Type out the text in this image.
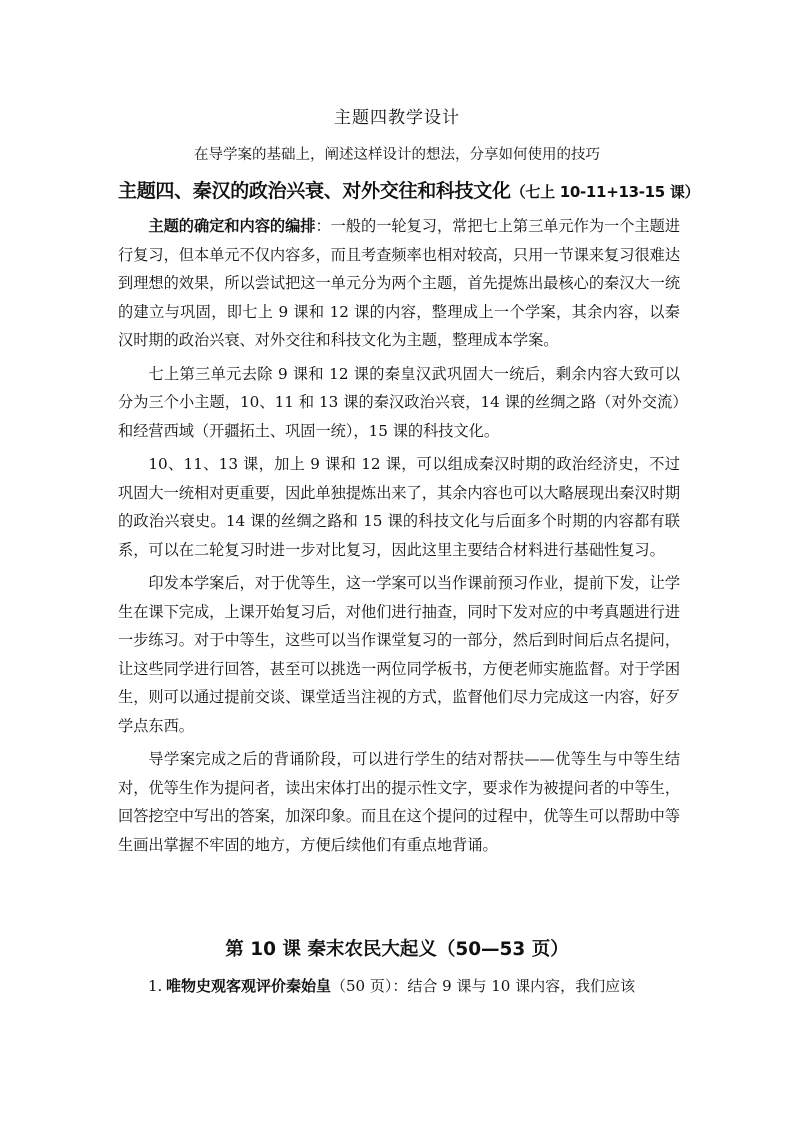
主题四教学设计
在导学案的基础上，阐述这样设计的想法，分享如何使用的技巧
主题四、秦汉的政治兴衰、对外交往和科技文化（七上 10-11+13-15 课）

主题的确定和内容的编排：一般的一轮复习，常把七上第三单元作为一个主题进行复习，但本单元不仅内容多，而且考查频率也相对较高，只用一节课来复习很难达到理想的效果，所以尝试把这一单元分为两个主题，首先提炼出最核心的秦汉大一统的建立与巩固，即七上 9 课和 12 课的内容，整理成上一个学案，其余内容，以秦汉时期的政治兴衰、对外交往和科技文化为主题，整理成本学案。

七上第三单元去除 9 课和 12 课的秦皇汉武巩固大一统后，剩余内容大致可以分为三个小主题，10、11 和 13 课的秦汉政治兴衰，14 课的丝绸之路（对外交流）和经营西域（开疆拓土、巩固一统），15 课的科技文化。

10、11、13 课，加上 9 课和 12 课，可以组成秦汉时期的政治经济史，不过巩固大一统相对更重要，因此单独提炼出来了，其余内容也可以大略展现出秦汉时期的政治兴衰史。14 课的丝绸之路和 15 课的科技文化与后面多个时期的内容都有联系，可以在二轮复习时进一步对比复习，因此这里主要结合材料进行基础性复习。

印发本学案后，对于优等生，这一学案可以当作课前预习作业，提前下发，让学生在课下完成，上课开始复习后，对他们进行抽查，同时下发对应的中考真题进行进一步练习。对于中等生，这些可以当作课堂复习的一部分，然后到时间后点名提问，让这些同学进行回答，甚至可以挑选一两位同学板书，方便老师实施监督。对于学困生，则可以通过提前交谈、课堂适当注视的方式，监督他们尽力完成这一内容，好歹学点东西。

导学案完成之后的背诵阶段，可以进行学生的结对帮扶——优等生与中等生结对，优等生作为提问者，读出宋体打出的提示性文字，要求作为被提问者的中等生，回答挖空中写出的答案，加深印象。而且在这个提问的过程中，优等生可以帮助中等生画出掌握不牢固的地方，方便后续他们有重点地背诵。

第 10 课 秦末农民大起义（50—53 页）
1. 唯物史观客观评价秦始皇（50 页）：结合 9 课与 10 课内容，我们应该
